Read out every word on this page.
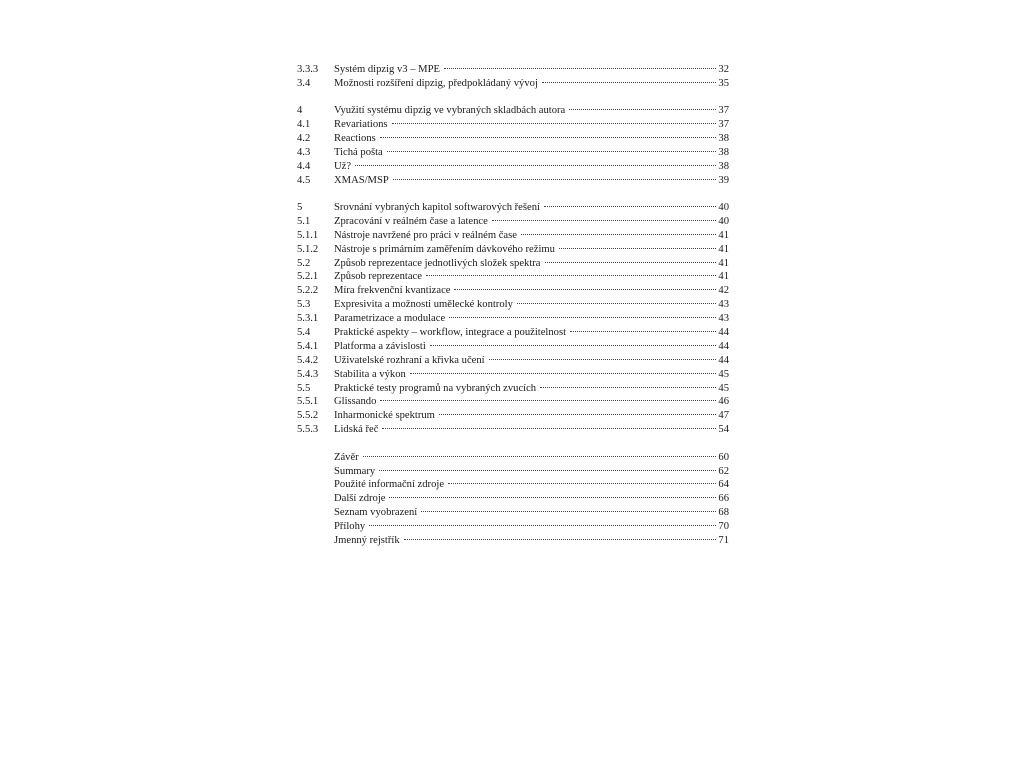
3.3.3	Systém dipzig v3 – MPE	32
3.4	Možnosti rozšíření dipzig, předpokládaný vývoj	35
4	Využití systému dipzig ve vybraných skladbách autora	37
4.1	Revariations	37
4.2	Reactions	38
4.3	Tichá pošta	38
4.4	Už?	38
4.5	XMAS/MSP	39
5	Srovnání vybraných kapitol softwarových řešení	40
5.1	Zpracování v reálném čase a latence	40
5.1.1	Nástroje navržené pro práci v reálném čase	41
5.1.2	Nástroje s primárním zaměřením dávkového režimu	41
5.2	Způsob reprezentace jednotlivých složek spektra	41
5.2.1	Způsob reprezentace	41
5.2.2	Míra frekvenční kvantizace	42
5.3	Expresivita a možnosti umělecké kontroly	43
5.3.1	Parametrizace a modulace	43
5.4	Praktické aspekty – workflow, integrace a použitelnost	44
5.4.1	Platforma a závislosti	44
5.4.2	Uživatelské rozhraní a křivka učení	44
5.4.3	Stabilita a výkon	45
5.5	Praktické testy programů na vybraných zvucích	45
5.5.1	Glissando	46
5.5.2	Inharmonické spektrum	47
5.5.3	Lidská řeč	54
Závěr	60
Summary	62
Použité informační zdroje	64
Další zdroje	66
Seznam vyobrazení	68
Přílohy	70
Jmenný rejstřík	71
